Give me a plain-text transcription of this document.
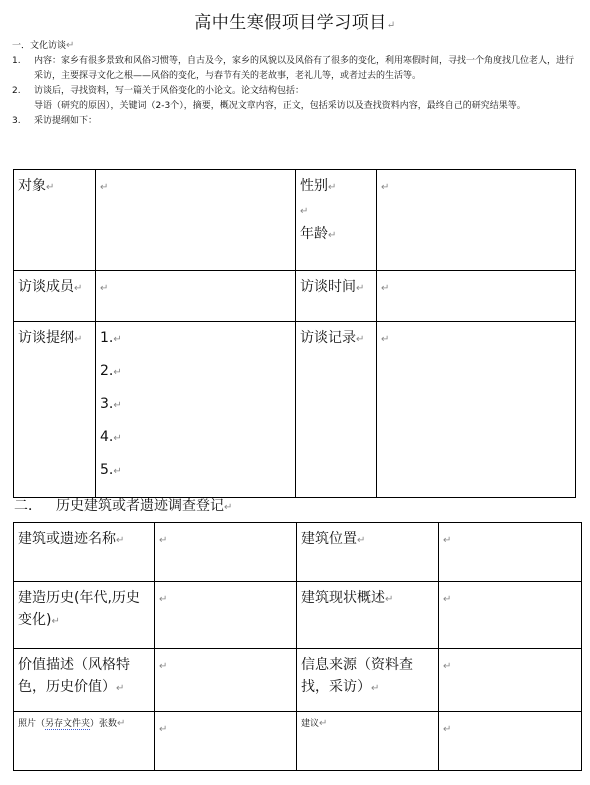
高中生寒假项目学习项目↵
一．文化访谈↵
1.	内容：家乡有很多景致和风俗习惯等，自古及今，家乡的风貌以及风俗有了很多的变化，利用寒假时间，寻找一个角度找几位老人，进行采访，主要探寻文化之根——风俗的变化，与春节有关的老故事，老礼儿等，或者过去的生活等。
2.	访谈后，寻找资料，写一篇关于风俗变化的小论文。论文结构包括：
导语（研究的原因），关键词（2-3个），摘要，概况文章内容，正文，包括采访以及查找资料内容，最终自己的研究结果等。
3.	采访提纲如下：
对象↵	↵	性别↵
↵
年龄↵	↵
访谈成员↵	↵	访谈时间↵	↵
访谈提纲↵	1.↵
2.↵
3.↵
4.↵
5.↵	访谈记录↵	↵
二． 历史建筑或者遗迹调查登记↵
建筑或遗迹名称↵	↵	建筑位置↵	↵
建造历史(年代,历史变化)↵	↵	建筑现状概述↵	↵
价值描述（风格特色，历史价值）↵	↵	信息来源（资料查找，采访）↵	↵
照片（另存文件夹）张数↵	↵	建议↵	↵
